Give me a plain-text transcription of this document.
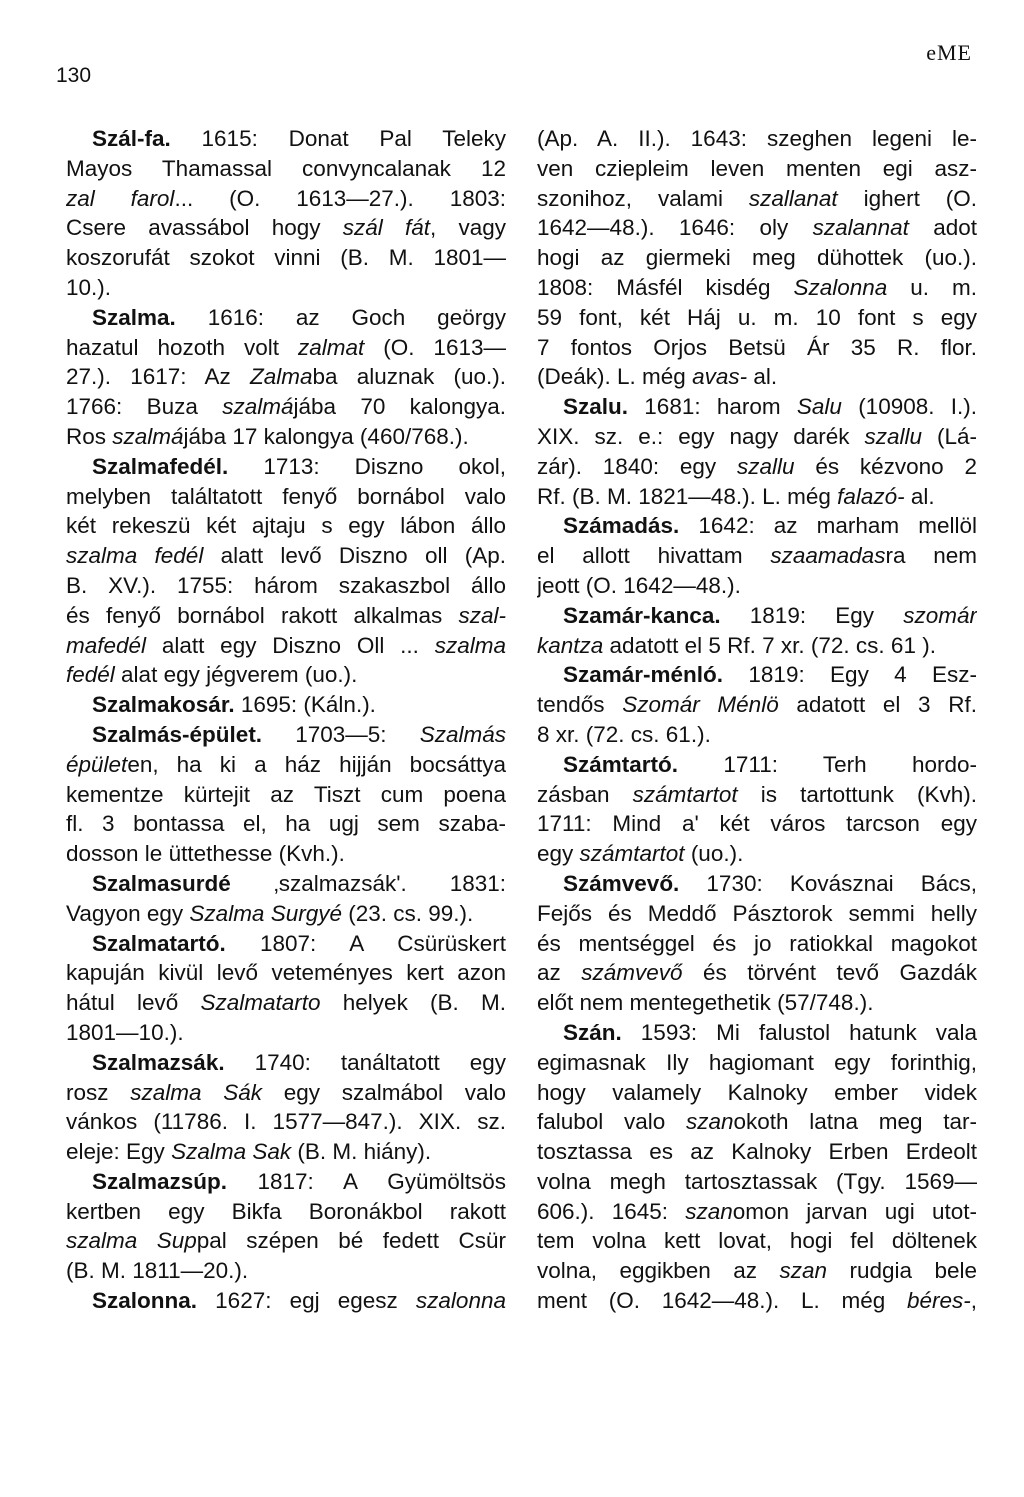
130
eME
Szál-fa. 1615: Donat Pal Teleky
Mayos Thamassal convyncalanak 12
zal farol... (O. 1613—27.). 1803:
Csere avassábol hogy szál fát, vagy
koszorufát szokot vinni (B. M. 1801—
10.).
Szalma. 1616: az Goch geörgy
hazatul hozoth volt zalmat (O. 1613—
27.). 1617: Az Zalmaba aluznak (uo.).
1766: Buza szalmájába 70 kalongya.
Ros szalmájába 17 kalongya (460/768.).
Szalmafedél. 1713: Diszno okol,
melyben találtatott fenyő bornábol valo
két rekeszü két ajtaju s egy lábon állo
szalma fedél alatt levő Diszno oll (Ap.
B. XV.). 1755: három szakaszbol állo
és fenyő bornábol rakott alkalmas szal-
mafedél alatt egy Diszno Oll ... szalma
fedél alat egy jégverem (uo.).
Szalmakosár. 1695: (Káln.).
Szalmás-épület. 1703—5: Szalmás
épületen, ha ki a ház hijján bocsáttya
kementze kürtejit az Tiszt cum poena
fl. 3 bontassa el, ha ugj sem szaba-
dosson le üttethesse (Kvh.).
Szalmasurdé ‚szalmazsák'. 1831:
Vagyon egy Szalma Surgyé (23. cs. 99.).
Szalmatartó. 1807: A Csürüskert
kapuján kivül levő veteményes kert azon
hátul levő Szalmatarto helyek (B. M.
1801—10.).
Szalmazsák. 1740: tanáltatott egy
rosz szalma Sák egy szalmábol valo
vánkos (11786. I. 1577—847.). XIX. sz.
eleje: Egy Szalma Sak (B. M. hiány).
Szalmazsúp. 1817: A Gyümöltsös
kertben egy Bikfa Boronákbol rakott
szalma Suppal szépen bé fedett Csür
(B. M. 1811—20.).
Szalonna. 1627: egj egesz szalonna
(Ap. A. II.). 1643: szeghen legeni le-
ven cziepleim leven menten egi asz-
szonihoz, valami szallanat ighert (O.
1642—48.). 1646: oly szalannat adot
hogi az giermeki meg dühottek (uo.).
1808: Másfél kisdég Szalonna u. m.
59 font, két Háj u. m. 10 font s egy
7 fontos Orjos Betsü Ár 35 R. flor.
(Deák). L. még avas- al.
Szalu. 1681: harom Salu (10908. I.).
XIX. sz. e.: egy nagy darék szallu (Lá-
zár). 1840: egy szallu és kézvono 2
Rf. (B. M. 1821—48.). L. még falazó- al.
Számadás. 1642: az marham mellöl
el allott hivattam szaamadasra nem
jeott (O. 1642—48.).
Szamár-kanca. 1819: Egy szomár
kantza adatott el 5 Rf. 7 xr. (72. cs. 61 ).
Szamár-ménló. 1819: Egy 4 Esz-
tendős Szomár Ménlö adatott el 3 Rf.
8 xr. (72. cs. 61.).
Számtartó. 1711: Terh hordo-
zásban számtartot is tartottunk (Kvh).
1711: Mind a' két város tarcson egy
egy számtartot (uo.).
Számvevő. 1730: Kovásznai Bács,
Fejős és Meddő Pásztorok semmi helly
és mentséggel és jo ratiokkal magokot
az számvevő és törvént tevő Gazdák
előt nem mentegethetik (57/748.).
Szán. 1593: Mi falustol hatunk vala
egimasnak Ily hagiomant egy forinthig,
hogy valamely Kalnoky ember videk
falubol valo szanokoth latna meg tar-
tosztassa es az Kalnoky Erben Erdeolt
volna megh tartosztassak (Tgy. 1569—
606.). 1645: szanomon jarvan ugi utot-
tem volna kett lovat, hogi fel döltenek
volna, eggikben az szan rudgia bele
ment (O. 1642—48.). L. még béres-,
